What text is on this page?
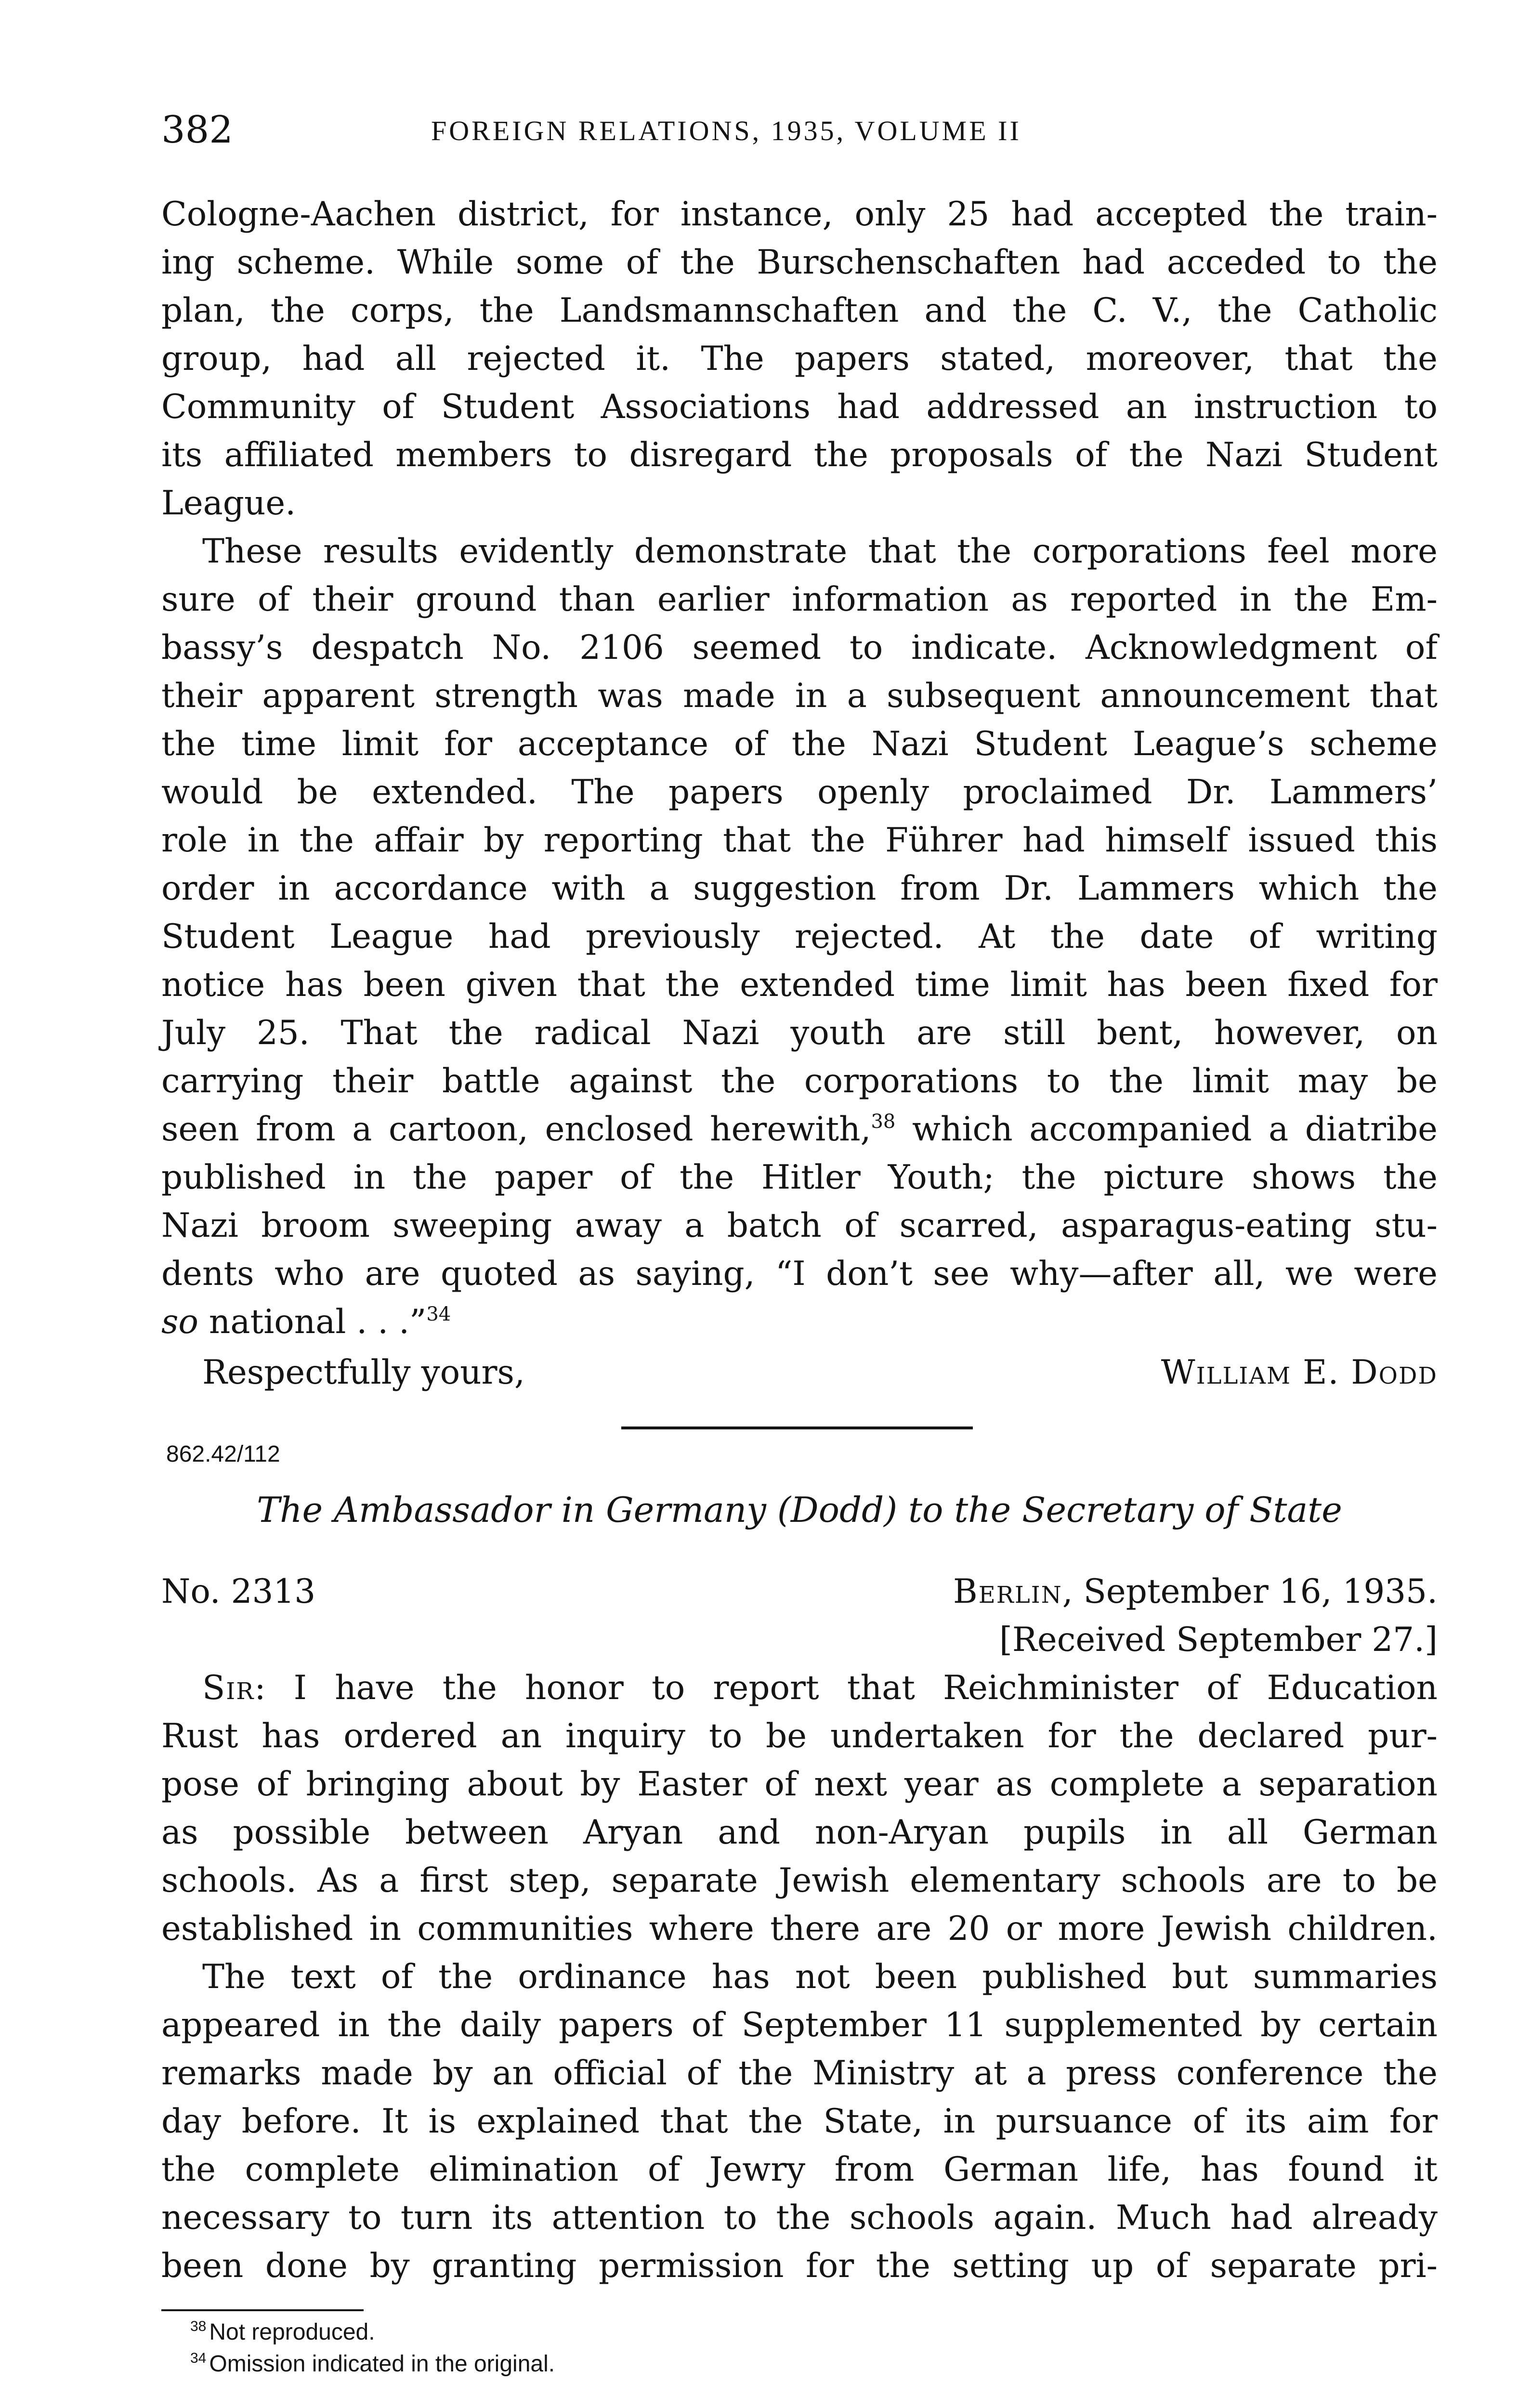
382	FOREIGN RELATIONS, 1935, VOLUME II
Cologne-Aachen district, for instance, only 25 had accepted the train-
ing scheme. While some of the Burschenschaften had acceded to the
plan, the corps, the Landsmannschaften and the C. V., the Catholic
group, had all rejected it. The papers stated, moreover, that the
Community of Student Associations had addressed an instruction to
its affiliated members to disregard the proposals of the Nazi Student
League.
These results evidently demonstrate that the corporations feel more
sure of their ground than earlier information as reported in the Em-
bassy’s despatch No. 2106 seemed to indicate. Acknowledgment of
their apparent strength was made in a subsequent announcement that
the time limit for acceptance of the Nazi Student League’s scheme
would be extended. The papers openly proclaimed Dr. Lammers’
role in the affair by reporting that the Führer had himself issued this
order in accordance with a suggestion from Dr. Lammers which the
Student League had previously rejected. At the date of writing
notice has been given that the extended time limit has been fixed for
July 25. That the radical Nazi youth are still bent, however, on
carrying their battle against the corporations to the limit may be
seen from a cartoon, enclosed herewith,$^{38}$ which accompanied a diatribe
published in the paper of the Hitler Youth; the picture shows the
Nazi broom sweeping away a batch of scarred, asparagus-eating stu-
dents who are quoted as saying, “I don’t see why—after all, we were
so national . . .”$^{34}$
Respectfully yours,	William E. Dodd
862.42/112
The Ambassador in Germany (Dodd) to the Secretary of State
No. 2313	Berlin, September 16, 1935.
[Received September 27.]
Sir: I have the honor to report that Reichminister of Education
Rust has ordered an inquiry to be undertaken for the declared pur-
pose of bringing about by Easter of next year as complete a separation
as possible between Aryan and non-Aryan pupils in all German
schools. As a first step, separate Jewish elementary schools are to be
established in communities where there are 20 or more Jewish children.
The text of the ordinance has not been published but summaries
appeared in the daily papers of September 11 supplemented by certain
remarks made by an official of the Ministry at a press conference the
day before. It is explained that the State, in pursuance of its aim for
the complete elimination of Jewry from German life, has found it
necessary to turn its attention to the schools again. Much had already
been done by granting permission for the setting up of separate pri-
$^{38}$ Not reproduced.
$^{34}$ Omission indicated in the original.
